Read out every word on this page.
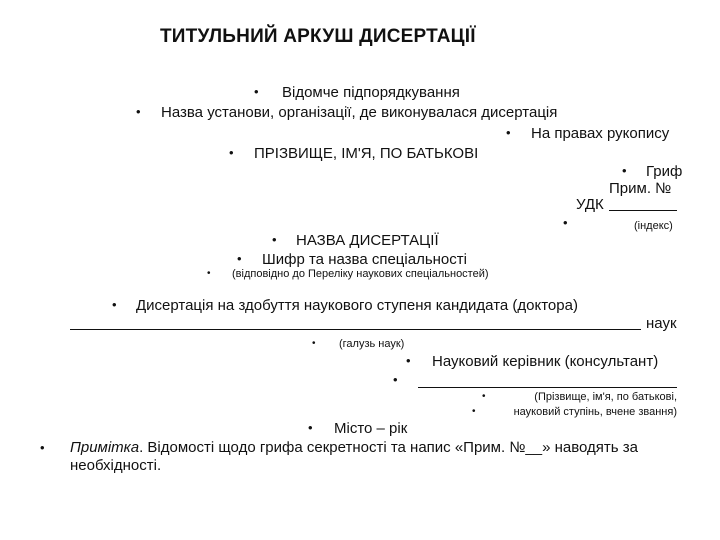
ТИТУЛЬНИЙ АРКУШ ДИСЕРТАЦІЇ
• Відомче підпорядкування
• Назва установи, організації, де виконувалася дисертація
• На правах рукопису
• ПРІЗВИЩЕ, ІМ'Я, ПО БАТЬКОВІ
• Гриф
Прим. №
УДК
•	(індекс)
• НАЗВА ДИСЕРТАЦІЇ
• Шифр та назва спеціальності
• (відповідно до Переліку наукових спеціальностей)
• Дисертація на здобуття наукового ступеня кандидата (доктора)
наук
• (галузь наук)
• Науковий керівник (консультант)
•
•	(Прізвище, ім'я, по батькові,
•	науковий ступінь, вчене звання)
• Місто – рік
• Примітка. Відомості щодо грифа секретності та напис «Прим. №__» наводять за необхідності.
